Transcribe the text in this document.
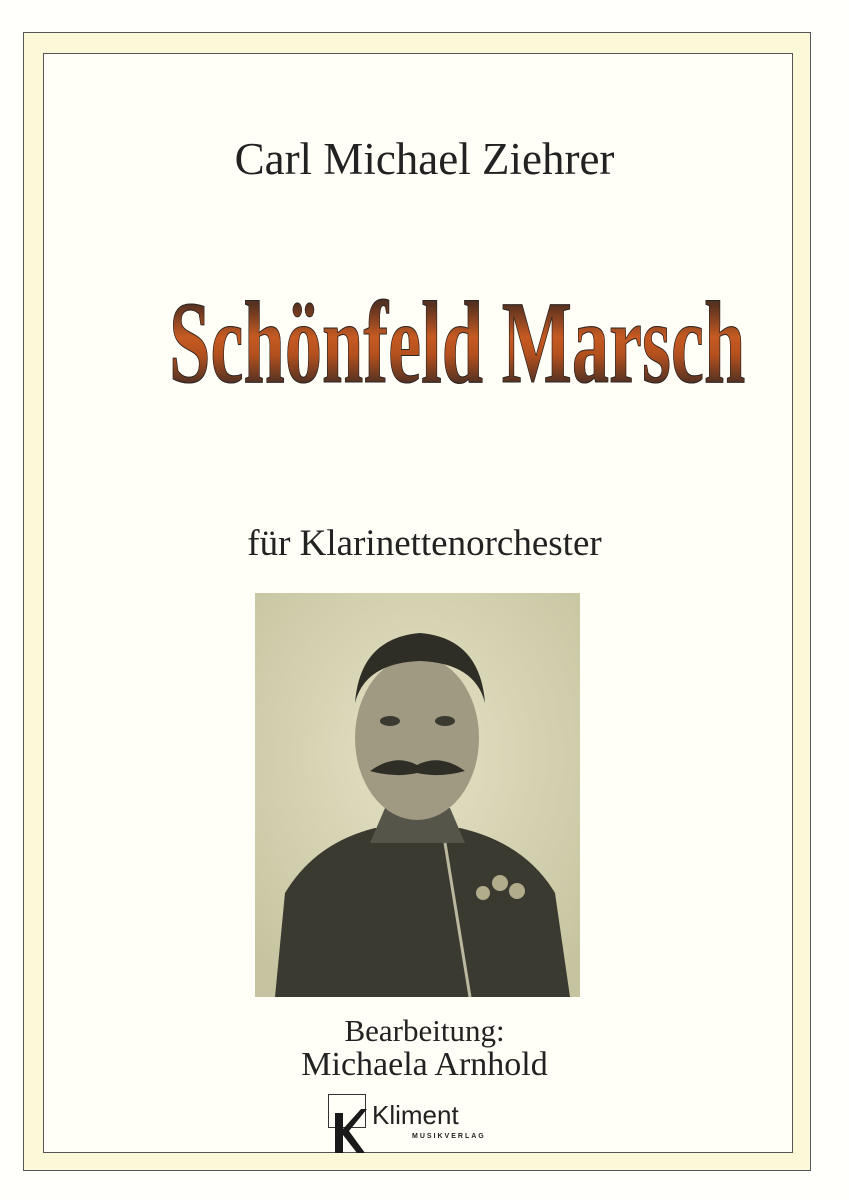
Carl Michael Ziehrer
Schönfeld Marsch
für Klarinettenorchester
Bearbeitung:
Michaela Arnhold
Kliment
MUSIKVERLAG
